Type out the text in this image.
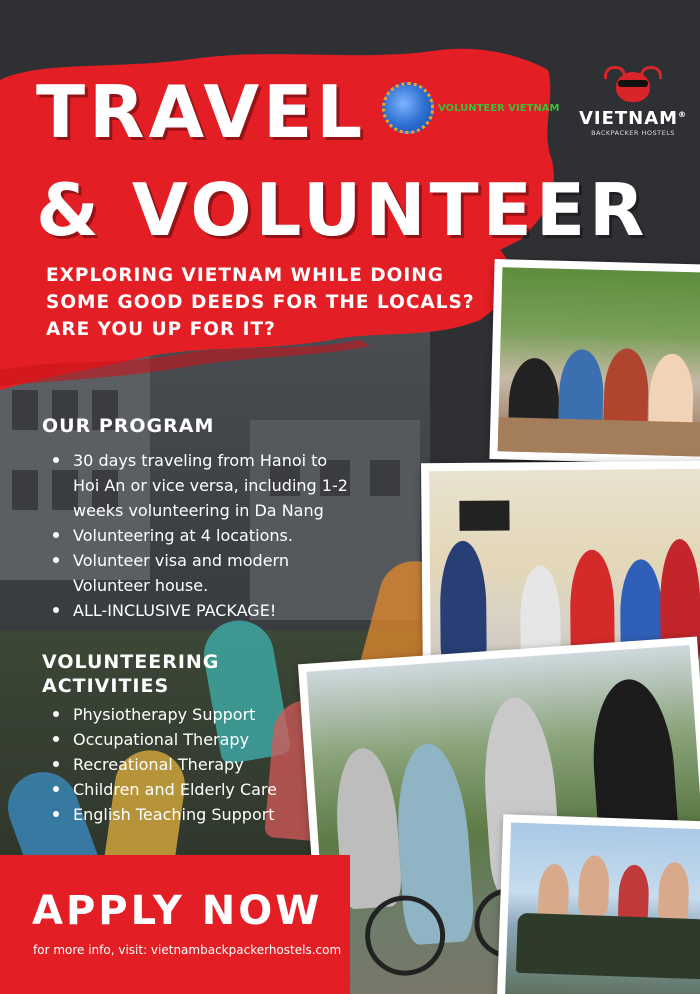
TRAVEL
& VOLUNTEER
VOLUNTEER VIETNAM VIETNAM®
BACKPACKER HOSTELS

EXPLORING VIETNAM WHILE DOING SOME GOOD DEEDS FOR THE LOCALS? ARE YOU UP FOR IT?

OUR PROGRAM
30 days traveling from Hanoi to Hoi An or vice versa, including 1-2 weeks volunteering in Da Nang
Volunteering at 4 locations.
Volunteer visa and modern Volunteer house.
ALL-INCLUSIVE PACKAGE!
VOLUNTEERING
ACTIVITIES
Physiotherapy Support
Occupational Therapy
Recreational Therapy
Children and Elderly Care
English Teaching Support
APPLY NOW

for more info, visit: vietnambackpackerhostels.com
